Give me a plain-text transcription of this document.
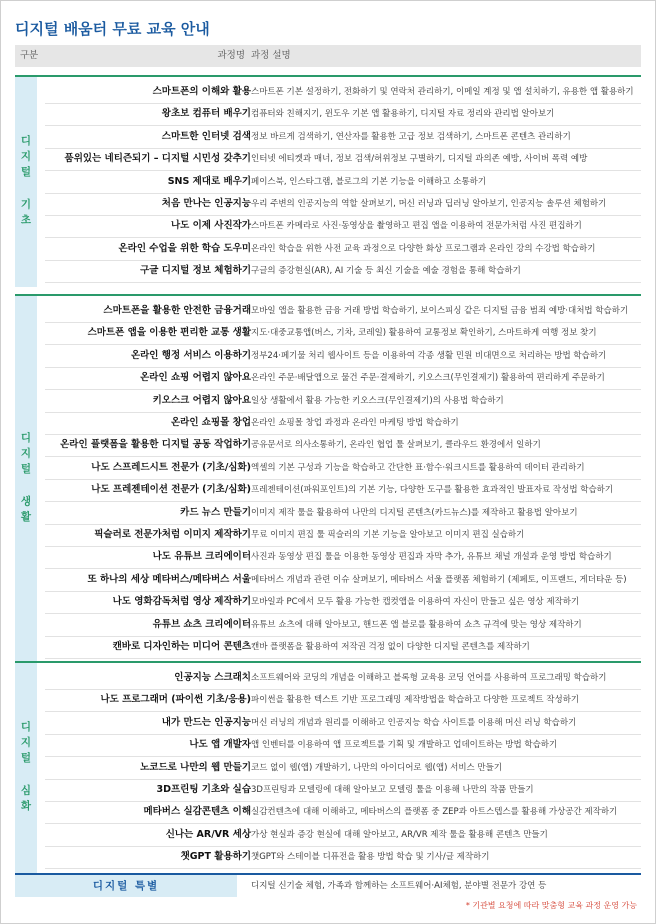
디지털 배움터 무료 교육 안내
구분	과정명 과정 설명
디지털 기초
스마트폰의 이해와 활용 스마트폰 기본 설정하기, 전화하기 및 연락처 관리하기, 이메일 계정 및 앱 설치하기, 유용한 앱 활용하기
왕초보 컴퓨터 배우기 컴퓨터와 친해지기, 윈도우 기본 앱 활용하기, 디지털 자료 정리와 관리법 알아보기
스마트한 인터넷 검색 정보 바르게 검색하기, 연산자를 활용한 고급 정보 검색하기, 스마트폰 콘텐츠 관리하기
품위있는 네티즌되기 – 디지털 시민성 갖추기 인터넷 에티켓과 매너, 정보 검색/허위정보 구별하기, 디지털 과의존 예방, 사이버 폭력 예방
SNS 제대로 배우기 페이스북, 인스타그램, 블로그의 기본 기능을 이해하고 소통하기
처음 만나는 인공지능 우리 주변의 인공지능의 역할 살펴보기, 머신 러닝과 딥러닝 알아보기, 인공지능 솔루션 체험하기
나도 이제 사진작가 스마트폰 카메라로 사진·동영상을 촬영하고 편집 앱을 이용하여 전문가처럼 사진 편집하기
온라인 수업을 위한 학습 도우미 온라인 학습을 위한 사전 교육 과정으로 다양한 화상 프로그램과 온라인 강의 수강법 학습하기
구글 디지털 정보 체험하기 구글의 증강현실(AR), AI 기술 등 최신 기술을 예술 경험을 통해 학습하기
디지털 생활
스마트폰을 활용한 안전한 금융거래 모바일 앱을 활용한 금융 거래 방법 학습하기, 보이스피싱 같은 디지털 금융 범죄 예방·대처법 학습하기
스마트폰 앱을 이용한 편리한 교통 생활 지도·대중교통앱(버스, 기차, 코레일) 활용하여 교통정보 확인하기, 스마트하게 여행 정보 찾기
온라인 행정 서비스 이용하기 정부24·페기물 처리 웹사이트 등을 이용하여 각종 생활 민원 비대면으로 처리하는 방법 학습하기
온라인 쇼핑 어렵지 않아요 온라인 주문·배달앱으로 물건 주문·결제하기, 키오스크(무인결제기) 활용하여 편리하게 주문하기
키오스크 어렵지 않아요 일상 생활에서 활용 가능한 키오스크(무인결제기)의 사용법 학습하기
온라인 쇼핑몰 창업 온라인 쇼핑몰 창업 과정과 온라인 마케팅 방법 학습하기
온라인 플랫폼을 활용한 디지털 공동 작업하기 공유문서로 의사소통하기, 온라인 협업 툴 살펴보기, 클라우드 환경에서 일하기
나도 스프레드시트 전문가 (기초/심화) 엑셀의 기본 구성과 기능을 학습하고 간단한 표·함수·워크시트를 활용하여 데이터 관리하기
나도 프레젠테이션 전문가 (기초/심화) 프레젠테이션(파워포인트)의 기본 기능, 다양한 도구를 활용한 효과적인 발표자료 작성법 학습하기
카드 뉴스 만들기 이미지 제작 툴을 활용하여 나만의 디지털 콘텐츠(카드뉴스)를 제작하고 활용법 알아보기
픽슬러로 전문가처럼 이미지 제작하기 무료 이미지 편집 툴 픽슬러의 기본 기능을 알아보고 이미지 편집 실습하기
나도 유튜브 크리에이터 사진과 동영상 편집 툴을 이용한 동영상 편집과 자막 추가, 유튜브 채널 개설과 운영 방법 학습하기
또 하나의 세상 메타버스/메타버스 서울 메타버스 개념과 관련 이슈 살펴보기, 메타버스 서울 플랫폼 체험하기 (제페토, 이프랜드, 게더타운 등)
나도 영화감독처럼 영상 제작하기 모바일과 PC에서 모두 활용 가능한 캡컷앱을 이용하여 자신이 만들고 싶은 영상 제작하기
유튜브 쇼츠 크리에이터 유튜브 쇼츠에 대해 알아보고, 핸드폰 앱 블로를 활용하여 쇼츠 규격에 맞는 영상 제작하기
캔바로 디자인하는 미디어 콘텐츠 캔바 플랫폼을 활용하여 저작권 걱정 없이 다양한 디지털 콘텐츠를 제작하기
디지털 심화
인공지능 스크래치 소프트웨어와 코딩의 개념을 이해하고 블록형 교육용 코딩 언어를 사용하여 프로그래밍 학습하기
나도 프로그래머 (파이썬 기초/응용) 파이썬을 활용한 텍스트 기반 프로그래밍 제작방법을 학습하고 다양한 프로젝트 작성하기
내가 만드는 인공지능 머신 러닝의 개념과 원리를 이해하고 인공지능 학습 사이트를 이용해 머신 러닝 학습하기
나도 앱 개발자 앱 인벤터를 이용하여 앱 프로젝트를 기획 및 개발하고 업데이트하는 방법 학습하기
노코드로 나만의 웹 만들기 코드 없이 웹(앱) 개발하기, 나만의 아이디어로 웹(앱) 서비스 만들기
3D프린팅 기초와 실습 3D프린팅과 모델링에 대해 알아보고 모델링 툴을 이용해 나만의 작품 만들기
메타버스 실감콘텐츠 이해 실감컨텐츠에 대해 이해하고, 메타버스의 플랫폼 중 ZEP과 아트스텝스를 활용해 가상공간 제작하기
신나는 AR/VR 세상 가상 현실과 증강 현실에 대해 알아보고, AR/VR 제작 툴을 활용해 콘텐츠 만들기
챗GPT 활용하기 챗GPT와 스테이블 디퓨전을 활용 방법 학습 및 기사/글 제작하기
디지털 특별	디지털 신기술 체험, 가족과 함께하는 소프트웨어·AI체험, 분야별 전문가 강연 등
* 기관별 요청에 따라 맞춤형 교육 과정 운영 가능
